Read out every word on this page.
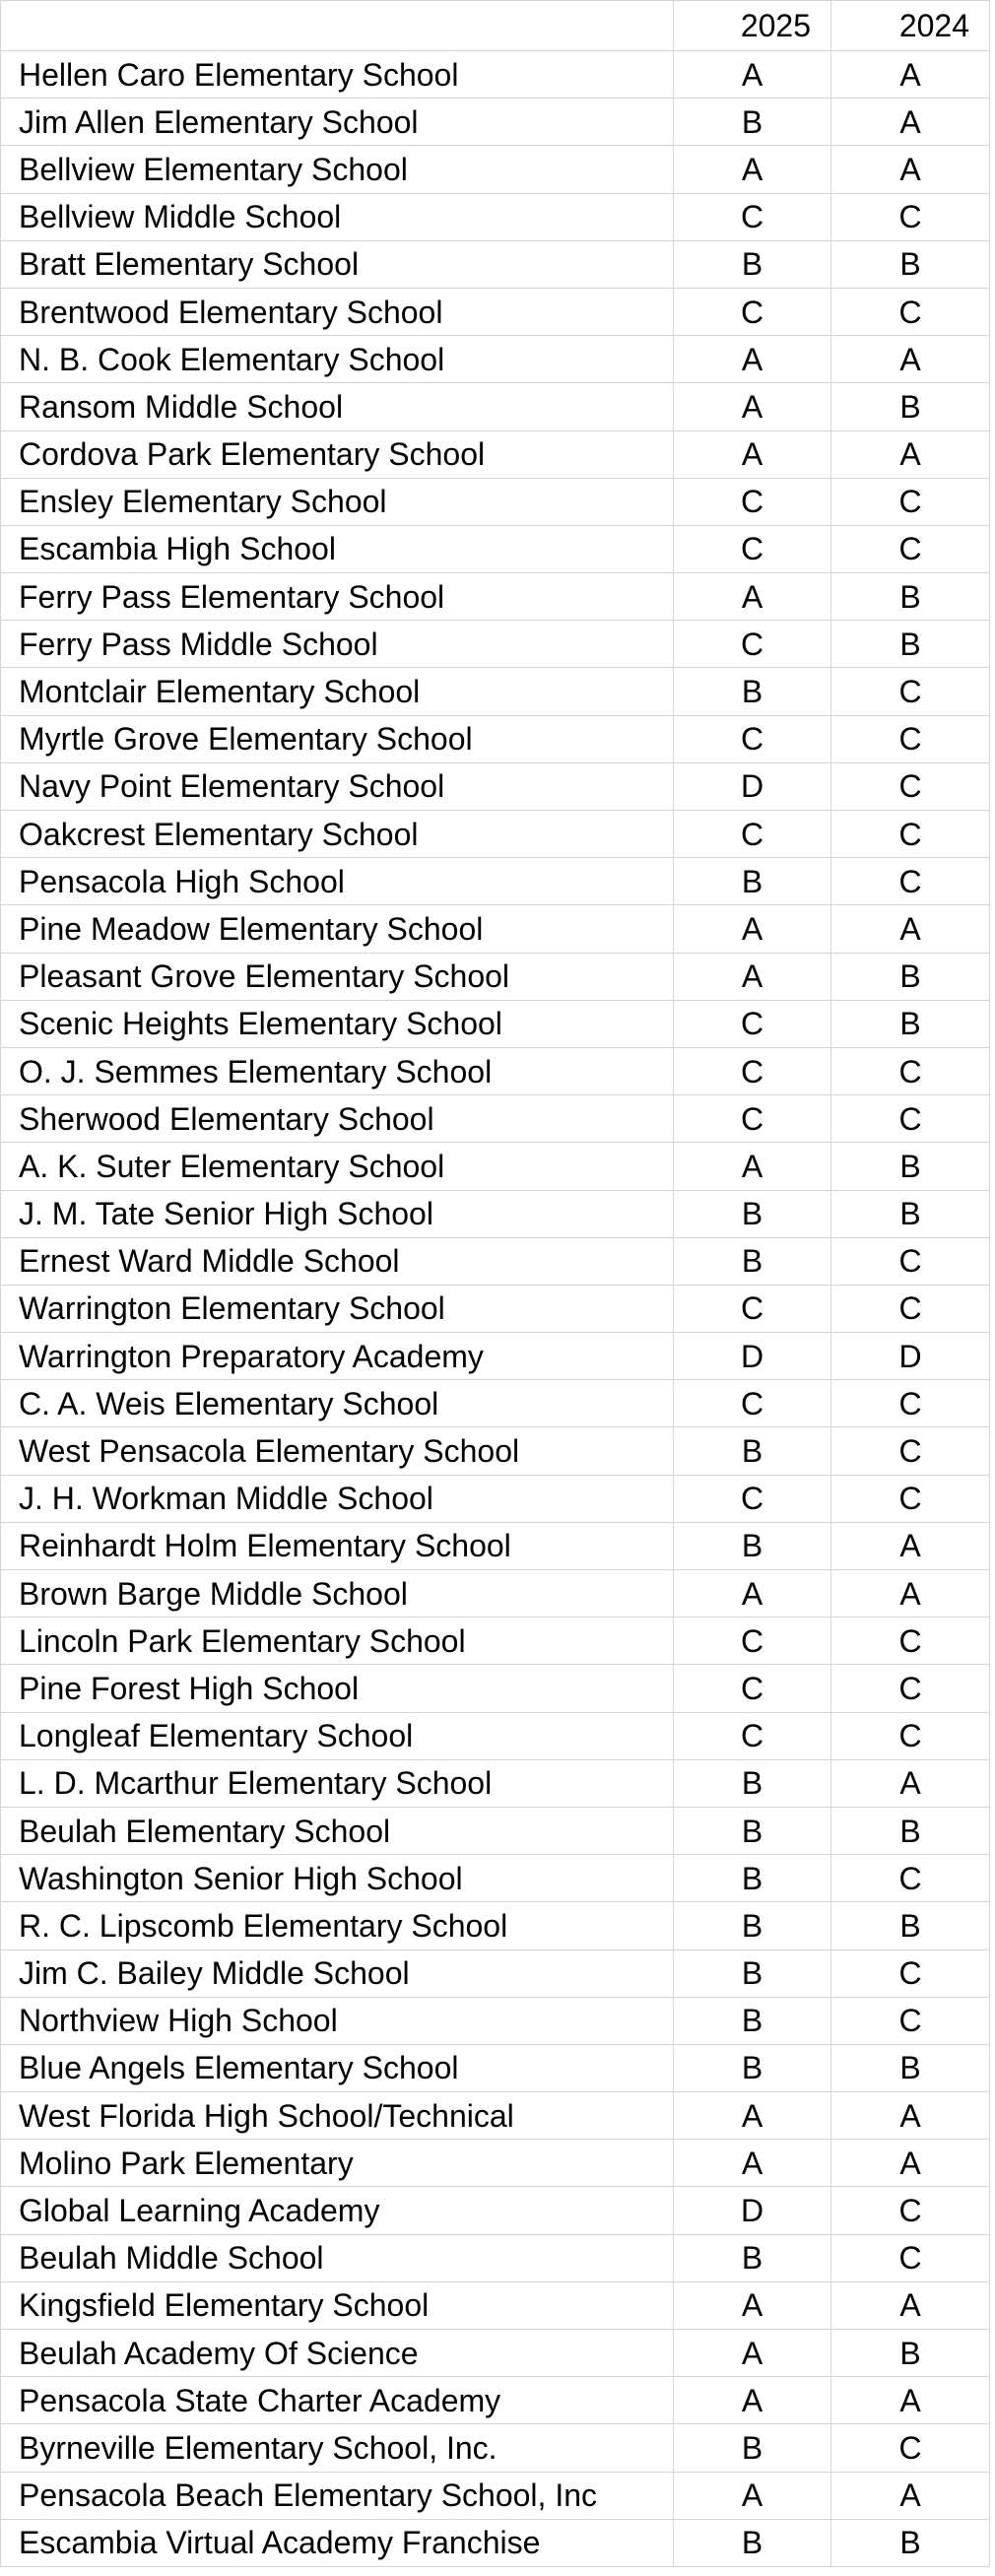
	2025	2024
Hellen Caro Elementary School	A	A
Jim Allen Elementary School	B	A
Bellview Elementary School	A	A
Bellview Middle School	C	C
Bratt Elementary School	B	B
Brentwood Elementary School	C	C
N. B. Cook Elementary School	A	A
Ransom Middle School	A	B
Cordova Park Elementary School	A	A
Ensley Elementary School	C	C
Escambia High School	C	C
Ferry Pass Elementary School	A	B
Ferry Pass Middle School	C	B
Montclair Elementary School	B	C
Myrtle Grove Elementary School	C	C
Navy Point Elementary School	D	C
Oakcrest Elementary School	C	C
Pensacola High School	B	C
Pine Meadow Elementary School	A	A
Pleasant Grove Elementary School	A	B
Scenic Heights Elementary School	C	B
O. J. Semmes Elementary School	C	C
Sherwood Elementary School	C	C
A. K. Suter Elementary School	A	B
J. M. Tate Senior High School	B	B
Ernest Ward Middle School	B	C
Warrington Elementary School	C	C
Warrington Preparatory Academy	D	D
C. A. Weis Elementary School	C	C
West Pensacola Elementary School	B	C
J. H. Workman Middle School	C	C
Reinhardt Holm Elementary School	B	A
Brown Barge Middle School	A	A
Lincoln Park Elementary School	C	C
Pine Forest High School	C	C
Longleaf Elementary School	C	C
L. D. Mcarthur Elementary School	B	A
Beulah Elementary School	B	B
Washington Senior High School	B	C
R. C. Lipscomb Elementary School	B	B
Jim C. Bailey Middle School	B	C
Northview High School	B	C
Blue Angels Elementary School	B	B
West Florida High School/Technical	A	A
Molino Park Elementary	A	A
Global Learning Academy	D	C
Beulah Middle School	B	C
Kingsfield Elementary School	A	A
Beulah Academy Of Science	A	B
Pensacola State Charter Academy	A	A
Byrneville Elementary School, Inc.	B	C
Pensacola Beach Elementary School, Inc	A	A
Escambia Virtual Academy Franchise	B	B
